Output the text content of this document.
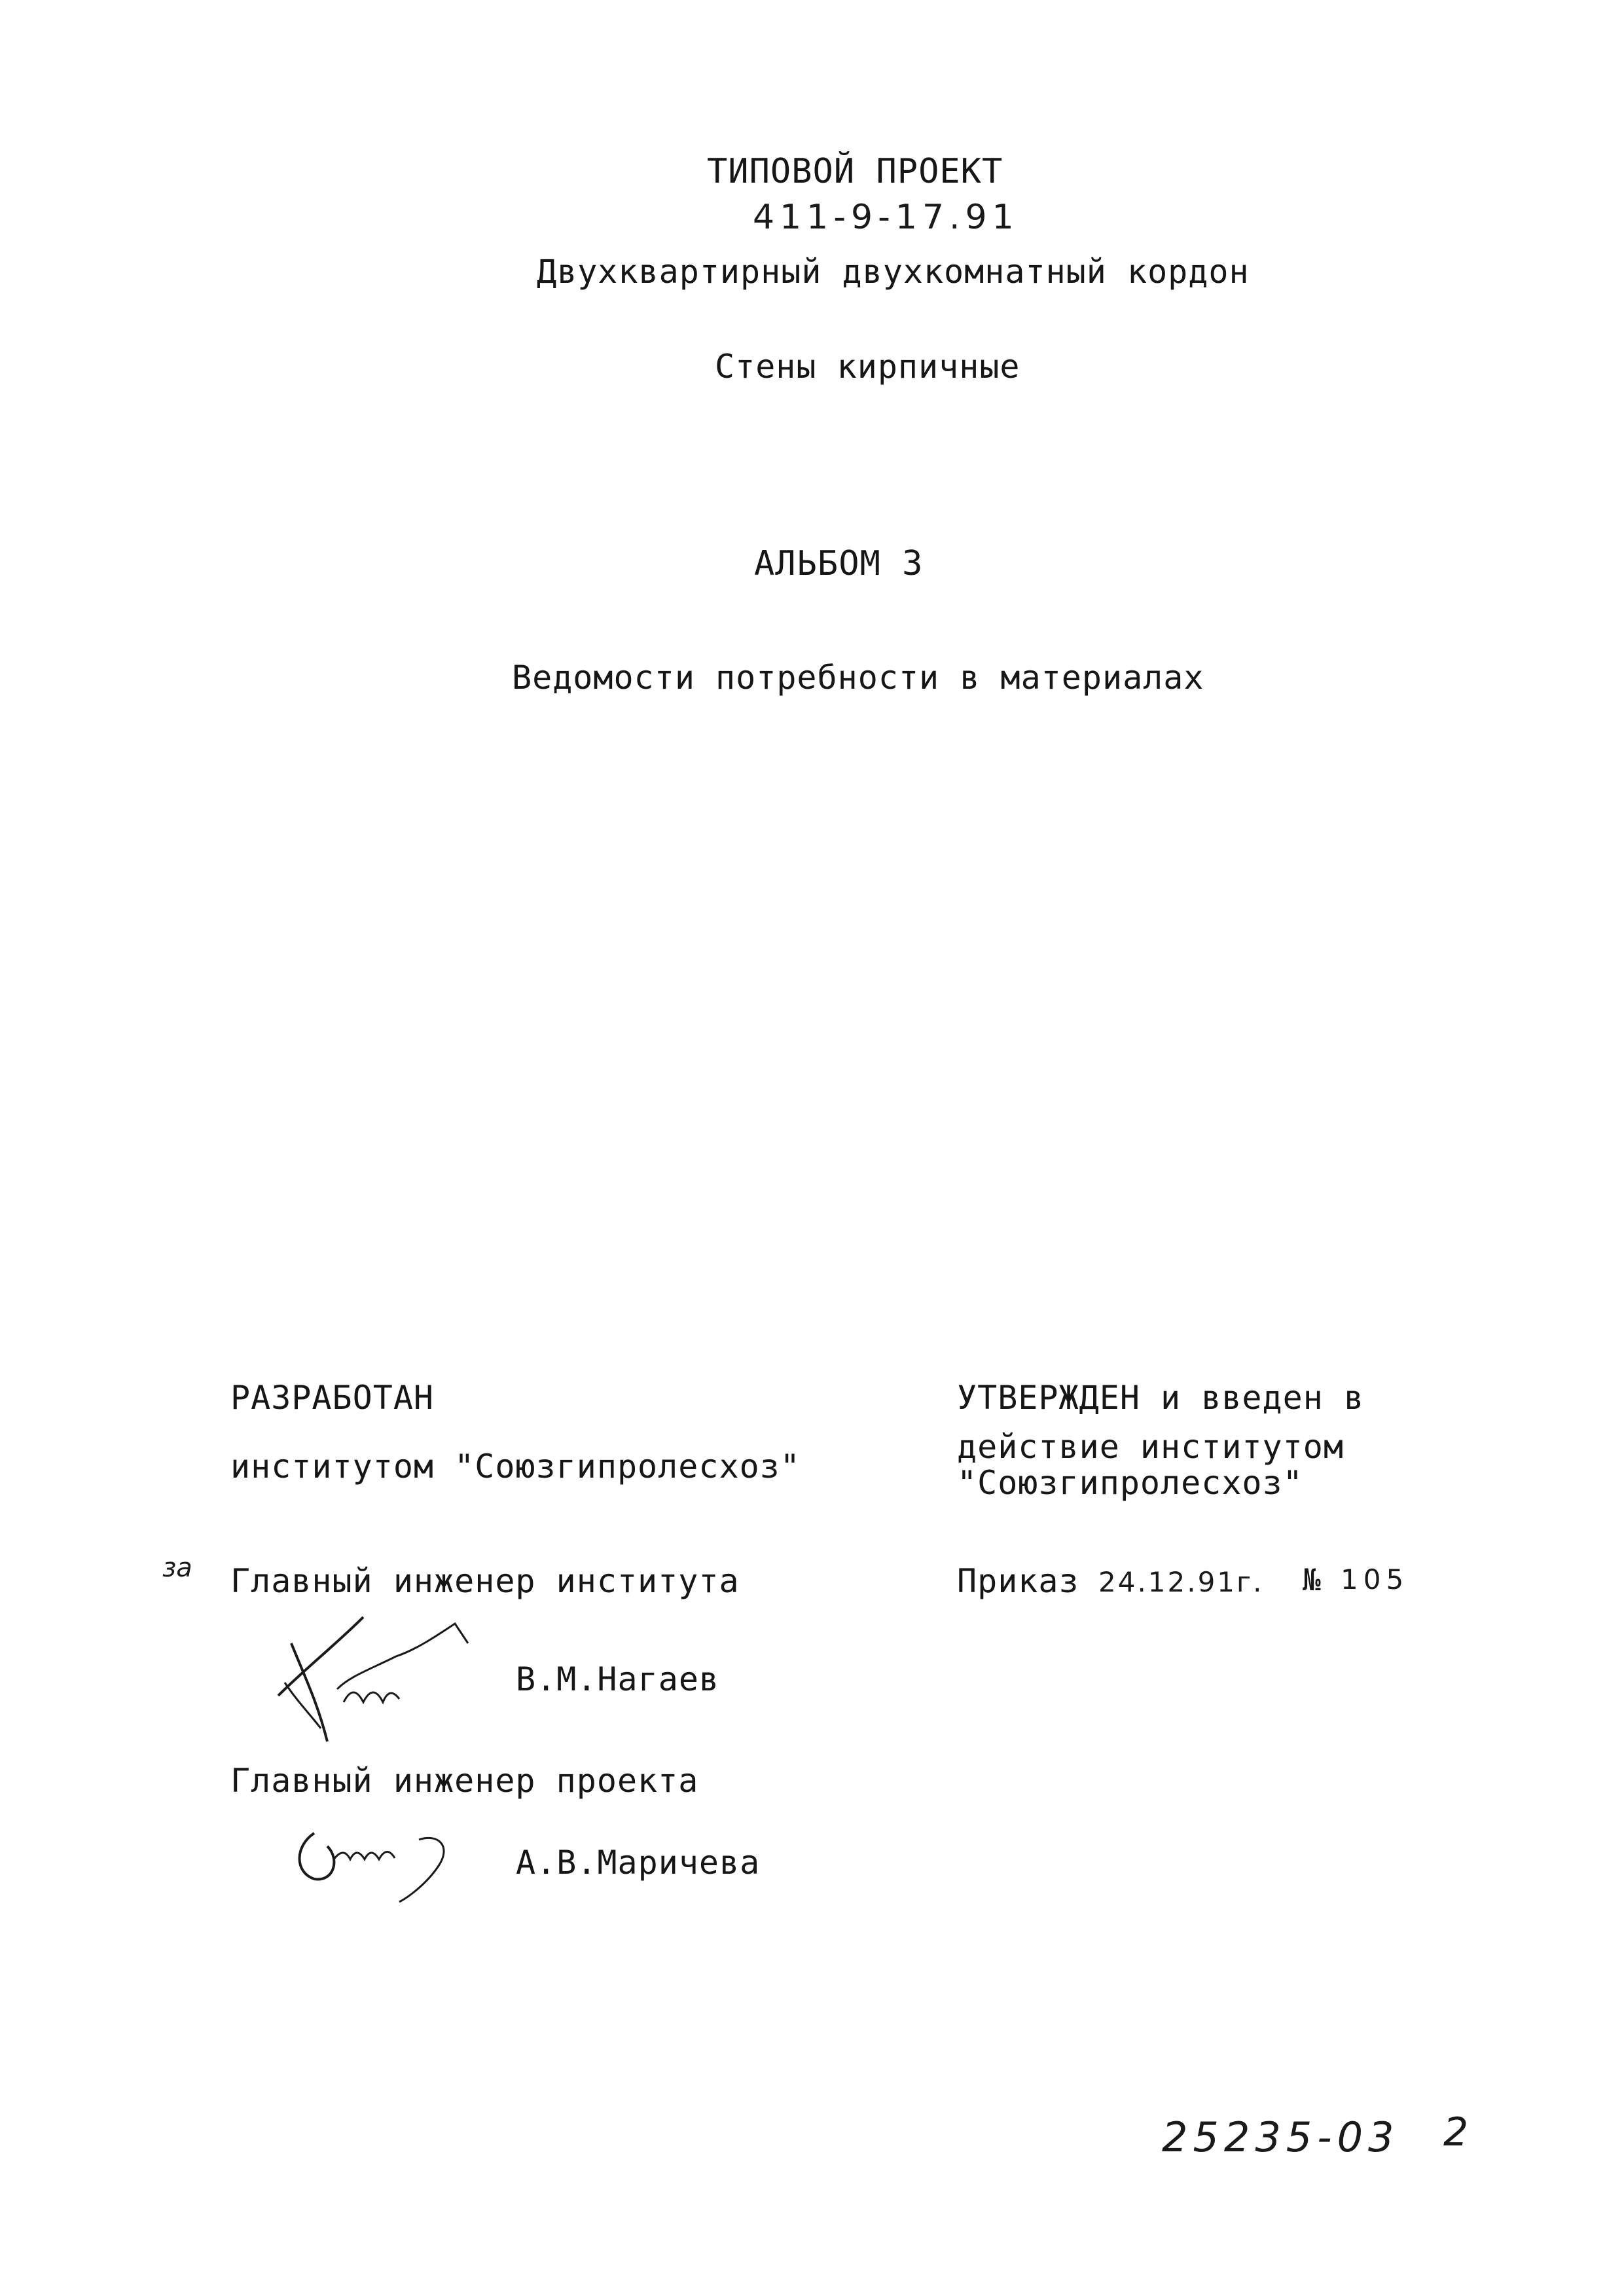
ТИПОВОЙ ПРОЕКТ
411-9-17.91
Двухквартирный двухкомнатный кордон
Стены кирпичные
АЛЬБОМ 3
Ведомости потребности в материалах
РАЗРАБОТАН
институтом "Союзгипролесхоз"
за Главный инженер института
В.М.Нагаев
Главный инженер проекта
А.В.Маричева
УТВЕРЖДЕН и введен в
действие институтом
"Союзгипролесхоз"
Приказ 24.12.91г. № 105
25235-03 2
